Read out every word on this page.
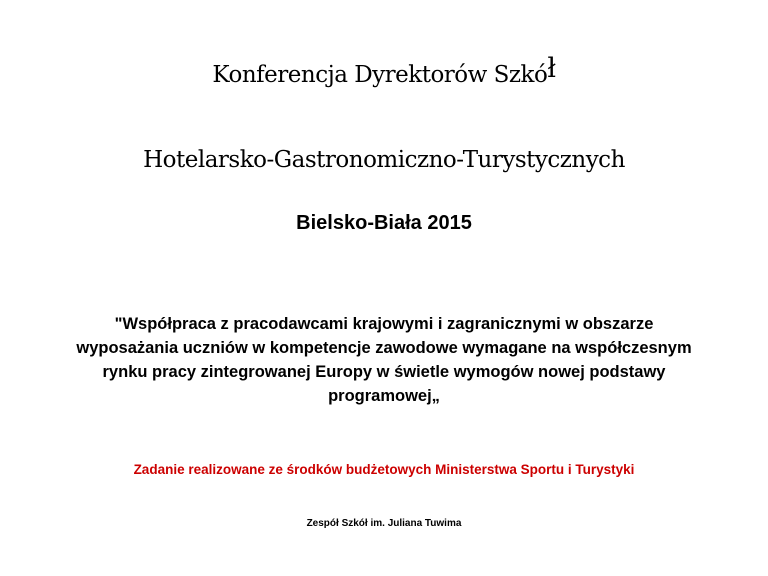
Konferencja Dyrektorów Szkół
Hotelarsko-Gastronomiczno-Turystycznych
Bielsko-Biała 2015
"Współpraca z pracodawcami krajowymi i zagranicznymi w obszarze
wyposażania uczniów w kompetencje zawodowe wymagane na współczesnym
rynku pracy zintegrowanej Europy w świetle wymogów nowej podstawy
programowej„
Zadanie realizowane ze środków budżetowych Ministerstwa Sportu i Turystyki
Zespół Szkół im. Juliana Tuwima
